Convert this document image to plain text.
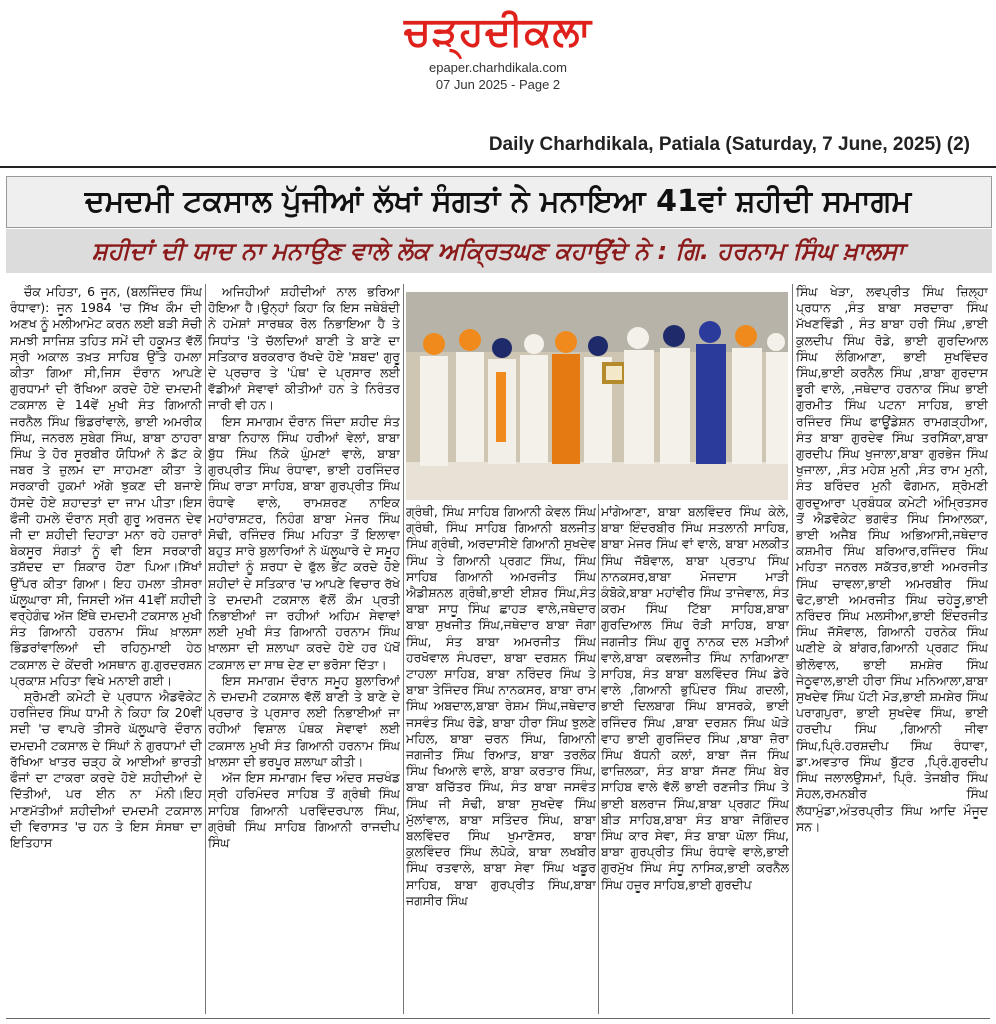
ਚੜ੍ਹਦੀਕਲਾ
epaper.charhdikala.com
07 Jun 2025 - Page 2
Daily Charhdikala, Patiala (Saturday, 7 June, 2025) (2)
ਦਮਦਮੀ ਟਕਸਾਲ ਪੁੱਜੀਆਂ ਲੱਖਾਂ ਸੰਗਤਾਂ ਨੇ ਮਨਾਇਆ 41ਵਾਂ ਸ਼ਹੀਦੀ ਸਮਾਗਮ
ਸ਼ਹੀਦਾਂ ਦੀ ਯਾਦ ਨਾ ਮਨਾਉਣ ਵਾਲੇ ਲੋਕ ਅਕ੍ਰਿਤਘਣ ਕਹਾਉਂਦੇ ਨੇ : ਗਿ. ਹਰਨਾਮ ਸਿੰਘ ਖ਼ਾਲਸਾ

ਚੌਕ ਮਹਿਤਾ, 6 ਜੂਨ, (ਬਲਜਿੰਦਰ ਸਿੰਘ ਰੰਧਾਵਾ): ਜੂਨ 1984 'ਚ ਸਿੱਖ ਕੌਮ ਦੀ ਅਣਖ ਨੂੰ ਮਲੀਆਮੇਟ ਕਰਨ ਲਈ ਬੜੀ ਸੋਚੀ ਸਮਝੀ ਸਾਜਿਸ਼ ਤਹਿਤ ਸਮੇਂ ਦੀ ਹਕੂਮਤ ਵੱਲੋਂ ਸ੍ਰੀ ਅਕਾਲ ਤਖ਼ਤ ਸਾਹਿਬ ਉੱਤੇ ਹਮਲਾ ਕੀਤਾ ਗਿਆ ਸੀ,ਜਿਸ ਦੌਰਾਨ ਆਪਣੇ ਗੁਰਧਾਮਾਂ ਦੀ ਰੱਖਿਆ ਕਰਦੇ ਹੋਏ ਦਮਦਮੀ ਟਕਸਾਲ ਦੇ 14ਵੇਂ ਮੁਖੀ ਸੰਤ ਗਿਆਨੀ ਜਰਨੈਲ ਸਿੰਘ ਭਿੰਡਰਾਂਵਾਲੇ, ਭਾਈ ਅਮਰੀਕ ਸਿੰਘ, ਜਨਰਲ ਸੁਬੇਗ ਸਿੰਘ, ਬਾਬਾ ਠਾਹਰਾ ਸਿੰਘ ਤੇ ਹੋਰ ਸੂਰਬੀਰ ਯੋਧਿਆਂ ਨੇ ਡੱਟ ਕੇ ਜਬਰ ਤੇ ਜ਼ੁਲਮ ਦਾ ਸਾਹਮਣਾ ਕੀਤਾ ਤੇ ਸਰਕਾਰੀ ਹੁਕਮਾਂ ਅੱਗੇ ਝੁਕਣ ਦੀ ਬਜਾਏ ਹੱਸਦੇ ਹੋਏ ਸ਼ਹਾਦਤਾਂ ਦਾ ਜਾਮ ਪੀਤਾ।ਇਸ ਫੌਜੀ ਹਮਲੇ ਦੌਰਾਨ ਸ੍ਰੀ ਗੁਰੂ ਅਰਜਨ ਦੇਵ ਜੀ ਦਾ ਸ਼ਹੀਦੀ ਦਿਹਾੜਾ ਮਨਾ ਰਹੇ ਹਜ਼ਾਰਾਂ ਬੇਕਸੂਰ ਸੰਗਤਾਂ ਨੂੰ ਵੀ ਇਸ ਸਰਕਾਰੀ ਤਸ਼ੱਦਦ ਦਾ ਸ਼ਿਕਾਰ ਹੋਣਾ ਪਿਆ।ਸਿੱਖਾਂ ਉੱਪਰ ਕੀਤਾ ਗਿਆ। ਇਹ ਹਮਲਾ ਤੀਸਰਾ ਘੱਲੂਘਾਰਾ ਸੀ, ਜਿਸਦੀ ਅੱਜ 41ਵੀਂ ਸ਼ਹੀਦੀ ਵਰ੍ਹੇਗੰਢ ਅੱਜ ਇੱਥੇ ਦਮਦਮੀ ਟਕਸਾਲ ਮੁਖੀ ਸੰਤ ਗਿਆਨੀ ਹਰਨਾਮ ਸਿੰਘ ਖ਼ਾਲਸਾ ਭਿੰਡਰਾਂਵਾਲਿਆਂ ਦੀ ਰਹਿਨੁਮਾਈ ਹੇਠ ਟਕਸਾਲ ਦੇ ਕੇਂਦਰੀ ਅਸਥਾਨ ਗੁ.ਗੁਰਦਰਸ਼ਨ ਪ੍ਰਕਾਸ਼ ਮਹਿਤਾ ਵਿਖੇ ਮਨਾਈ ਗਈ।

ਸ਼੍ਰੋਮਣੀ ਕਮੇਟੀ ਦੇ ਪ੍ਰਧਾਨ ਐਡਵੋਕੇਟ ਹਰਜਿੰਦਰ ਸਿੰਘ ਧਾਮੀ ਨੇ ਕਿਹਾ ਕਿ 20ਵੀਂ ਸਦੀ 'ਚ ਵਾਪਰੇ ਤੀਸਰੇ ਘੱਲੂਘਾਰੇ ਦੌਰਾਨ ਦਮਦਮੀ ਟਕਸਾਲ ਦੇ ਸਿੰਘਾਂ ਨੇ ਗੁਰਧਾਮਾਂ ਦੀ ਰੱਖਿਆ ਖਾਤਰ ਚੜ੍ਹ ਕੇ ਆਈਆਂ ਭਾਰਤੀ ਫੌਜਾਂ ਦਾ ਟਾਕਰਾ ਕਰਦੇ ਹੋਏ ਸ਼ਹੀਦੀਆਂ ਦੇ ਦਿੱਤੀਆਂ, ਪਰ ਈਨ ਨਾ ਮੰਨੀ।ਇਹ ਮਾਣਮੱਤੀਆਂ ਸ਼ਹੀਦੀਆਂ ਦਮਦਮੀ ਟਕਸਾਲ ਦੀ ਵਿਰਾਸਤ 'ਚ ਹਨ ਤੇ ਇਸ ਸੰਸਥਾ ਦਾ ਇਤਿਹਾਸ

ਅਜਿਹੀਆਂ ਸ਼ਹੀਦੀਆਂ ਨਾਲ ਭਰਿਆ ਹੋਇਆ ਹੈ।ਉਨ੍ਹਾਂ ਕਿਹਾ ਕਿ ਇਸ ਜਥੇਬੰਦੀ ਨੇ ਹਮੇਸ਼ਾਂ ਸਾਰਥਕ ਰੋਲ ਨਿਭਾਇਆ ਹੈ ਤੇ ਸਿਧਾਂਤ 'ਤੇ ਚੱਲਦਿਆਂ ਬਾਣੀ ਤੇ ਬਾਣੇ ਦਾ ਸਤਿਕਾਰ ਬਰਕਰਾਰ ਰੱਖਦੇ ਹੋਏ 'ਸ਼ਬਦ' ਗੁਰੂ ਦੇ ਪ੍ਰਚਾਰ ਤੇ 'ਪੰਥ' ਦੇ ਪ੍ਰਸਾਰ ਲਈ ਵੱਡੀਆਂ ਸੇਵਾਵਾਂ ਕੀਤੀਆਂ ਹਨ ਤੇ ਨਿਰੰਤਰ ਜਾਰੀ ਵੀ ਹਨ।

ਇਸ ਸਮਾਗਮ ਦੌਰਾਨ ਜਿੰਦਾ ਸ਼ਹੀਦ ਸੰਤ ਬਾਬਾ ਨਿਹਾਲ ਸਿੰਘ ਹਰੀਆਂ ਵੇਲਾਂ, ਬਾਬਾ ਬੁੱਧ ਸਿੰਘ ਨਿੱਕੇ ਘੁੰਮਣਾਂ ਵਾਲੇ, ਬਾਬਾ ਗੁਰਪ੍ਰੀਤ ਸਿੰਘ ਰੰਧਾਵਾ, ਭਾਈ ਹਰਜਿੰਦਰ ਸਿੰਘ ਰਾੜਾ ਸਾਹਿਬ, ਬਾਬਾ ਗੁਰਪ੍ਰੀਤ ਸਿੰਘ ਰੰਧਾਵੇ ਵਾਲੇ, ਰਾਮਸ਼ਰਣ ਨਾਇਕ ਮਹਾਂਰਾਸ਼ਟਰ, ਨਿਹੰਗ ਬਾਬਾ ਮੇਜਰ ਸਿੰਘ ਸੋਢੀ, ਰਜਿੰਦਰ ਸਿੰਘ ਮਹਿਤਾ ਤੋਂ ਇਲਾਵਾ ਬਹੁਤ ਸਾਰੇ ਬੁਲਾਰਿਆਂ ਨੇ ਘੱਲੂਘਾਰੇ ਦੇ ਸਮੂਹ ਸ਼ਹੀਦਾਂ ਨੂੰ ਸ਼ਰਧਾ ਦੇ ਫੁੱਲ ਭੇਂਟ ਕਰਦੇ ਹੋਏ ਸ਼ਹੀਦਾਂ ਦੇ ਸਤਿਕਾਰ 'ਚ ਆਪਣੇ ਵਿਚਾਰ ਰੱਖੇ ਤੇ ਦਮਦਮੀ ਟਕਸਾਲ ਵੱਲੋਂ ਕੌਮ ਪ੍ਰਤੀ ਨਿਭਾਈਆਂ ਜਾ ਰਹੀਆਂ ਅਹਿਮ ਸੇਵਾਵਾਂ ਲਈ ਮੁਖੀ ਸੰਤ ਗਿਆਨੀ ਹਰਨਾਮ ਸਿੰਘ ਖ਼ਾਲਸਾ ਦੀ ਸ਼ਲਾਘਾ ਕਰਦੇ ਹੋਏ ਹਰ ਪੱਖੋਂ ਟਕਸਾਲ ਦਾ ਸਾਥ ਦੇਣ ਦਾ ਭਰੋਸਾ ਦਿੱਤਾ।

ਇਸ ਸਮਾਗਮ ਦੌਰਾਨ ਸਮੂਹ ਬੁਲਾਰਿਆਂ ਨੇ ਦਮਦਮੀ ਟਕਸਾਲ ਵੱਲੋਂ ਬਾਣੀ ਤੇ ਬਾਣੇ ਦੇ ਪ੍ਰਚਾਰ ਤੇ ਪ੍ਰਸਾਰ ਲਈ ਨਿਭਾਈਆਂ ਜਾ ਰਹੀਆਂ ਵਿਸ਼ਾਲ ਪੰਥਕ ਸੇਵਾਵਾਂ ਲਈ ਟਕਸਾਲ ਮੁਖੀ ਸੰਤ ਗਿਆਨੀ ਹਰਨਾਮ ਸਿੰਘ ਖ਼ਾਲਸਾ ਦੀ ਭਰਪੂਰ ਸ਼ਲਾਘਾ ਕੀਤੀ।

ਅੱਜ ਇਸ ਸਮਾਗਮ ਵਿਚ ਅੰਦਰ ਸਚਖੰਡ ਸ੍ਰੀ ਹਰਿਮੰਦਰ ਸਾਹਿਬ ਤੋਂ ਗ੍ਰੰਥੀ ਸਿੰਘ ਸਾਹਿਬ ਗਿਆਨੀ ਪਰਵਿੰਦਰਪਾਲ ਸਿੰਘ, ਗ੍ਰੰਥੀ ਸਿੰਘ ਸਾਹਿਬ ਗਿਆਨੀ ਰਾਜਦੀਪ ਸਿੰਘ

ਗ੍ਰੰਥੀ, ਸਿੰਘ ਸਾਹਿਬ ਗਿਆਨੀ ਕੇਵਲ ਸਿੰਘ ਗ੍ਰੰਥੀ, ਸਿੰਘ ਸਾਹਿਬ ਗਿਆਨੀ ਬਲਜੀਤ ਸਿੰਘ ਗ੍ਰੰਥੀ, ਅਰਦਾਸੀਏ ਗਿਆਨੀ ਸੁਖਦੇਵ ਸਿੰਘ ਤੇ ਗਿਆਨੀ ਪ੍ਰਗਟ ਸਿੰਘ, ਸਿੰਘ ਸਾਹਿਬ ਗਿਆਨੀ ਅਮਰਜੀਤ ਸਿੰਘ ਐਡੀਸ਼ਨਲ ਗ੍ਰੰਥੀ,ਭਾਈ ਈਸ਼ਰ ਸਿੰਘ,ਸੰਤ ਬਾਬਾ ਸਾਧੂ ਸਿੰਘ ਛਾਹੜ ਵਾਲੇ,ਜਥੇਦਾਰ ਬਾਬਾ ਸੁਖਜੀਤ ਸਿੰਘ,ਜਥੇਦਾਰ ਬਾਬਾ ਜੋਗਾ ਸਿੰਘ, ਸੰਤ ਬਾਬਾ ਅਮਰਜੀਤ ਸਿੰਘ ਹਰਖੋਵਾਲ ਸੰਪਰਦਾ, ਬਾਬਾ ਦਰਸ਼ਨ ਸਿੰਘ ਟਾਹਲਾ ਸਾਹਿਬ, ਬਾਬਾ ਨਰਿੰਦਰ ਸਿੰਘ ਤੇ ਬਾਬਾ ਤੇਜਿੰਦਰ ਸਿੰਘ ਨਾਨਕਸਰ, ਬਾਬਾ ਰਾਮ ਸਿੰਘ ਅਬਦਾਲ,ਬਾਬਾ ਰੇਸ਼ਮ ਸਿੰਘ,ਜਥੇਦਾਰ ਜਸਵੰਤ ਸਿੰਘ ਰੋਡੇ, ਬਾਬਾ ਹੀਰਾ ਸਿੰਘ ਝੁਲਣੇ ਮਹਿਲ, ਬਾਬਾ ਚਰਨ ਸਿੰਘ, ਗਿਆਨੀ ਜਗਜੀਤ ਸਿੰਘ ਰਿਆੜ, ਬਾਬਾ ਤਰਲੋਕ ਸਿੰਘ ਖਿਆਲੇ ਵਾਲੇ, ਬਾਬਾ ਕਰਤਾਰ ਸਿੰਘ, ਬਾਬਾ ਬਚਿੱਤਰ ਸਿੰਘ, ਸੰਤ ਬਾਬਾ ਜਸਵੰਤ ਸਿੰਘ ਜੀ ਸੋਢੀ, ਬਾਬਾ ਸੁਖਦੇਵ ਸਿੰਘ ਮੁੱਲਾਂਵਾਲ, ਬਾਬਾ ਸਤਿੰਦਰ ਸਿੰਘ, ਬਾਬਾ ਬਲਵਿੰਦਰ ਸਿੰਘ ਖੁਮਾਣੋਸਰ, ਬਾਬਾ ਕੁਲਵਿੰਦਰ ਸਿੰਘ ਲੋਪੋਕੇ, ਬਾਬਾ ਲਖਬੀਰ ਸਿੰਘ ਰਤਵਾਲੇ, ਬਾਬਾ ਸੇਵਾ ਸਿੰਘ ਖਡੂਰ ਸਾਹਿਬ, ਬਾਬਾ ਗੁਰਪ੍ਰੀਤ ਸਿੰਘ,ਬਾਬਾ ਜਗਸੀਰ ਸਿੰਘ

ਮਾਂਗੇਆਣਾ, ਬਾਬਾ ਬਲਵਿੰਦਰ ਸਿੰਘ ਕੇਲੇ, ਬਾਬਾ ਇੰਦਰਬੀਰ ਸਿੰਘ ਸਤਲਾਨੀ ਸਾਹਿਬ, ਬਾਬਾ ਮੇਜਰ ਸਿੰਘ ਵਾਂ ਵਾਲੇ, ਬਾਬਾ ਮਲਕੀਤ ਸਿੰਘ ਜੱਬੋਵਾਲ, ਬਾਬਾ ਪ੍ਰਤਾਪ ਸਿੰਘ ਨਾਨਕਸਰ,ਬਾਬਾ ਮੋਜਦਾਸ ਮਾੜੀ ਕੰਬੋਕੇ,ਬਾਬਾ ਮਹਾਂਵੀਰ ਸਿੰਘ ਤਾਜੇਵਾਲ, ਸੰਤ ਕਰਮ ਸਿੰਘ ਟਿੱਬਾ ਸਾਹਿਬ,ਬਾਬਾ ਗੁਰਦਿਆਲ ਸਿੰਘ ਰੋੜੀ ਸਾਹਿਬ, ਬਾਬਾ ਜਗਜੀਤ ਸਿੰਘ ਗੁਰੂ ਨਾਨਕ ਦਲ ਮੜੀਆਂ ਵਾਲੇ,ਬਾਬਾ ਕਵਲਜੀਤ ਸਿੰਘ ਨਾਗਿਆਣਾ ਸਾਹਿਬ, ਸੰਤ ਬਾਬਾ ਬਲਵਿੰਦਰ ਸਿੰਘ ਡੇਰੇ ਵਾਲੇ ,ਗਿਆਨੀ ਭੁਪਿੰਦਰ ਸਿੰਘ ਗਦਲੀ, ਭਾਈ ਦਿਲਬਾਗ ਸਿੰਘ ਬਾਸਰਕੇ, ਭਾਈ ਰਜਿੰਦਰ ਸਿੰਘ ,ਬਾਬਾ ਦਰਸ਼ਨ ਸਿੰਘ ਘੋੜੇ ਵਾਹ ਭਾਈ ਗੁਰਜਿੰਦਰ ਸਿੰਘ ,ਬਾਬਾ ਜ਼ੋਰਾ ਸਿੰਘ ਬੱਧਨੀ ਕਲਾਂ, ਬਾਬਾ ਜੱਜ ਸਿੰਘ ਫਾਜ਼ਿਲਕਾ, ਸੰਤ ਬਾਬਾ ਸੱਜਣ ਸਿੰਘ ਬੇਰ ਸਾਹਿਬ ਵਾਲੇ ਵੱਲੋਂ ਭਾਈ ਰਣਜੀਤ ਸਿੰਘ ਤੇ ਭਾਈ ਬਲਰਾਜ ਸਿੰਘ,ਬਾਬਾ ਪ੍ਰਗਟ ਸਿੰਘ ਬੀੜ ਸਾਹਿਬ,ਬਾਬਾ ਸੰਤ ਬਾਬਾ ਜੋਗਿੰਦਰ ਸਿੰਘ ਕਾਰ ਸੇਵਾ, ਸੰਤ ਬਾਬਾ ਘੋਲਾ ਸਿੰਘ, ਬਾਬਾ ਗੁਰਪ੍ਰੀਤ ਸਿੰਘ ਰੰਧਾਵੇ ਵਾਲੇ,ਭਾਈ ਗੁਰਮੁੱਖ ਸਿੰਘ ਸੰਧੂ ਨਾਸਿਕ,ਭਾਈ ਕਰਨੈਲ ਸਿੰਘ ਹਜ਼ੂਰ ਸਾਹਿਬ,ਭਾਈ ਗੁਰਦੀਪ

ਸਿੰਘ ਖੇੜਾ, ਲਵਪ੍ਰੀਤ ਸਿੰਘ ਜ਼ਿਲ੍ਹਾ ਪ੍ਰਧਾਨ ,ਸੰਤ ਬਾਬਾ ਸਰਦਾਰਾ ਸਿੰਘ ਮੱਖਣਵਿੰਡੀ , ਸੰਤ ਬਾਬਾ ਹਰੀ ਸਿੰਘ ,ਭਾਈ ਕੁਲਦੀਪ ਸਿੰਘ ਰੋਡੇ, ਭਾਈ ਗੁਰਦਿਆਲ ਸਿੰਘ ਲੰਗਿਆਣਾ, ਭਾਈ ਸੁਖਵਿੰਦਰ ਸਿੰਘ,ਭਾਈ ਕਰਨੈਲ ਸਿੰਘ ,ਬਾਬਾ ਗੁਰਦਾਸ ਭੂਰੀ ਵਾਲੇ, ,ਜਥੇਦਾਰ ਹਰਨਾਕ ਸਿੰਘ ਭਾਈ ਗੁਰਮੀਤ ਸਿੰਘ ਪਟਨਾ ਸਾਹਿਬ, ਭਾਈ ਰਜਿੰਦਰ ਸਿੰਘ ਫਾਊਂਡੇਸ਼ਨ ਰਾਮਗੜ੍ਹੀਆ, ਸੰਤ ਬਾਬਾ ਗੁਰਦੇਵ ਸਿੰਘ ਤਰਸਿੱਕਾ,ਬਾਬਾ ਗੁਰਦੀਪ ਸਿੰਘ ਖੁਜਾਲਾ,ਬਾਬਾ ਗੁਰਭੇਜ ਸਿੰਘ ਖੁਜਾਲਾ, ,ਸੰਤ ਮਹੇਸ਼ ਮੁਨੀ ,ਸੰਤ ਰਾਮ ਮੁਨੀ, ਸੰਤ ਬਰਿੰਦਰ ਮੁਨੀ ਫੋਗਮਨ, ਸ਼੍ਰੋਮਣੀ ਗੁਰਦੁਆਰਾ ਪ੍ਰਬੰਧਕ ਕਮੇਟੀ ਅੰਮ੍ਰਿਤਸਰ ਤੋਂ ਐਡਵੋਕੇਟ ਭਗਵੰਤ ਸਿੰਘ ਸਿਆਲਕਾ, ਭਾਈ ਅਜੈਬ ਸਿੰਘ ਅਭਿਆਸੀ,ਜਥੇਦਾਰ ਕਸ਼ਮੀਰ ਸਿੰਘ ਬਰਿਆਰ,ਰਜਿੰਦਰ ਸਿੰਘ ਮਹਿਤਾ ਜਨਰਲ ਸਕੱਤਰ,ਭਾਈ ਅਮਰਜੀਤ ਸਿੰਘ ਚਾਵਲਾ,ਭਾਈ ਅਮਰਬੀਰ ਸਿੰਘ ਢੋਟ,ਭਾਈ ਅਮਰਜੀਤ ਸਿੰਘ ਚਹੇੜੂ,ਭਾਈ ਨਰਿੰਦਰ ਸਿੰਘ ਮਲਸੀਆ,ਭਾਈ ਇੰਦਰਜੀਤ ਸਿੰਘ ਜੱਸੋਵਾਲ, ਗਿਆਨੀ ਹਰਨੇਕ ਸਿੰਘ ਘਣੀਏ ਕੇ ਬਾਂਗਰ,ਗਿਆਨੀ ਪ੍ਰਗਟ ਸਿੰਘ ਭੀਲੋਵਾਲ, ਭਾਈ ਸ਼ਮਸ਼ੇਰ ਸਿੰਘ ਜੇਠੂਵਾਲ,ਭਾਈ ਹੀਰਾ ਸਿੰਘ ਮਨਿਆਲਾ,ਬਾਬਾ ਸੁਖਦੇਵ ਸਿੰਘ ਪੱਟੀ ਮੋੜ,ਭਾਈ ਸ਼ਮਸ਼ੇਰ ਸਿੰਘ ਪਰਾਗਪੁਰਾ, ਭਾਈ ਸੁਖਦੇਵ ਸਿੰਘ, ਭਾਈ ਹਰਦੀਪ ਸਿੰਘ ,ਗਿਆਨੀ ਜੀਵਾ ਸਿੰਘ,ਪ੍ਰਿੰ.ਹਰਸ਼ਦੀਪ ਸਿੰਘ ਰੰਧਾਵਾ, ਡਾ.ਅਵਤਾਰ ਸਿੰਘ ਬੁੱਟਰ ,ਪ੍ਰਿੰ.ਗੁਰਦੀਪ ਸਿੰਘ ਜਲਾਲਉਸਮਾਂ, ਪ੍ਰਿੰ. ਤੇਜਬੀਰ ਸਿੰਘ ਸੋਹਲ,ਰਮਨਬੀਰ ਸਿੰਘ ਲੱਧਾਮੁੰਡਾ,ਅੰਤਰਪ੍ਰੀਤ ਸਿੰਘ ਆਦਿ ਮੌਜੂਦ ਸਨ।
